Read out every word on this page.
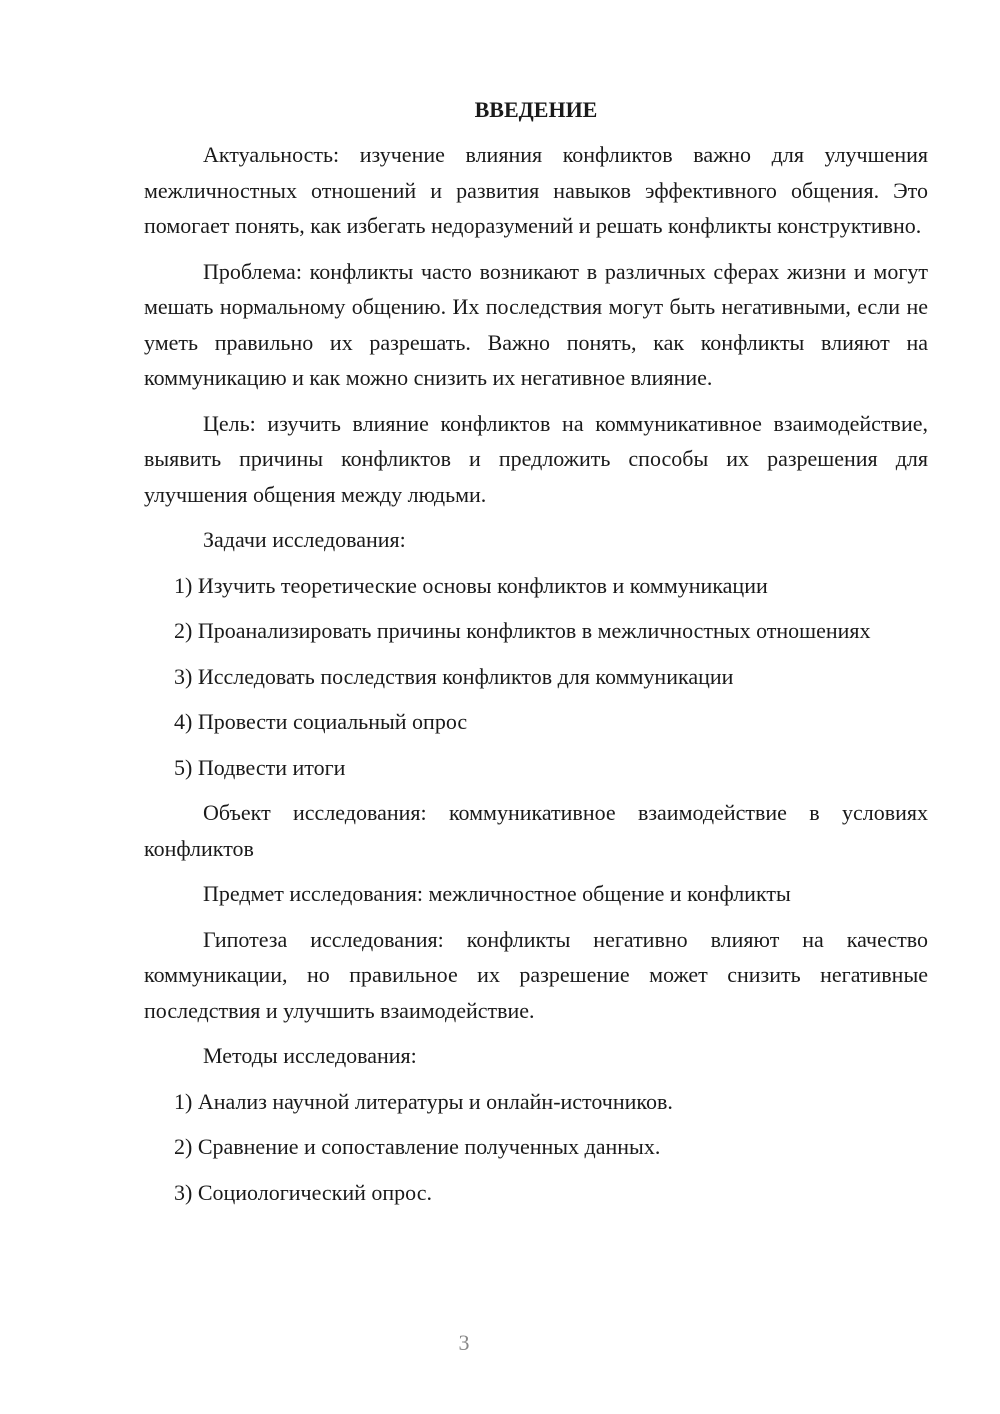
ВВЕДЕНИЕ

Актуальность: изучение влияния конфликтов важно для улучшения межличностных отношений и развития навыков эффективного общения. Это помогает понять, как избегать недоразумений и решать конфликты конструктивно.

Проблема: конфликты часто возникают в различных сферах жизни и могут мешать нормальному общению. Их последствия могут быть негативными, если не уметь правильно их разрешать. Важно понять, как конфликты влияют на коммуникацию и как можно снизить их негативное влияние.

Цель: изучить влияние конфликтов на коммуникативное взаимодействие, выявить причины конфликтов и предложить способы их разрешения для улучшения общения между людьми.

Задачи исследования:

1) Изучить теоретические основы конфликтов и коммуникации

2) Проанализировать причины конфликтов в межличностных отношениях

3) Исследовать последствия конфликтов для коммуникации

4) Провести социальный опрос

5) Подвести итоги

Объект исследования: коммуникативное взаимодействие в условиях конфликтов

Предмет исследования: межличностное общение и конфликты

Гипотеза исследования: конфликты негативно влияют на качество коммуникации, но правильное их разрешение может снизить негативные последствия и улучшить взаимодействие.

Методы исследования:

1) Анализ научной литературы и онлайн-источников.

2) Сравнение и сопоставление полученных данных.

3) Социологический опрос.

3
